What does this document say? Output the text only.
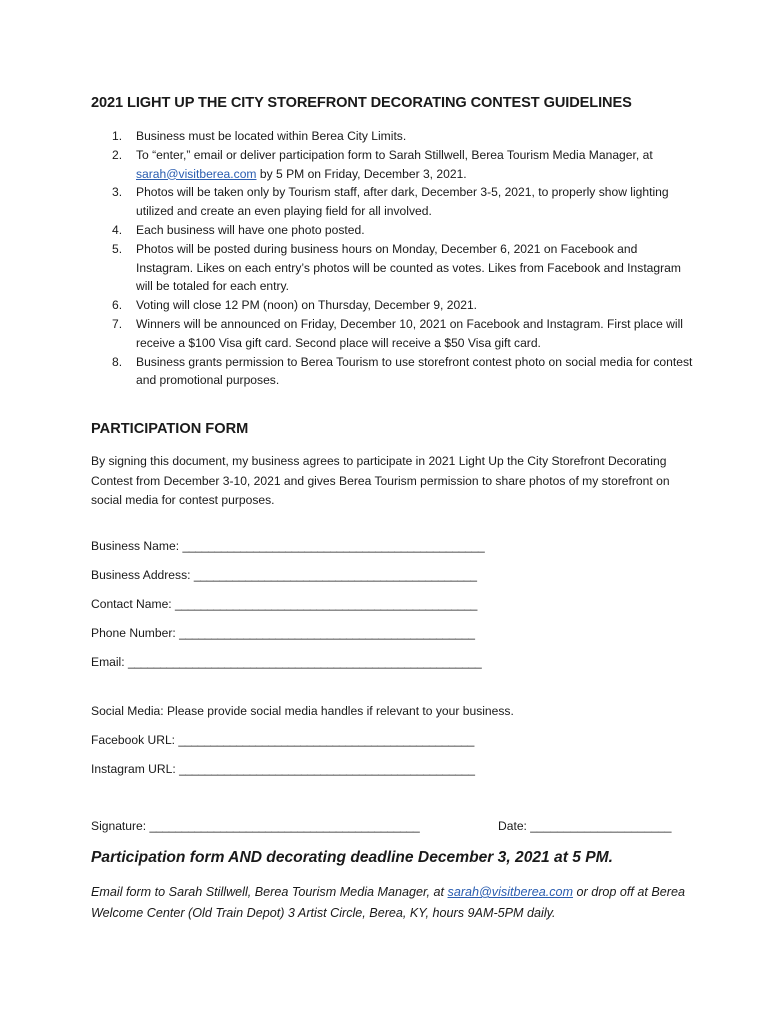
2021 LIGHT UP THE CITY STOREFRONT DECORATING CONTEST GUIDELINES
1. Business must be located within Berea City Limits.
2. To “enter,” email or deliver participation form to Sarah Stillwell, Berea Tourism Media Manager, at sarah@visitberea.com by 5 PM on Friday, December 3, 2021.
3. Photos will be taken only by Tourism staff, after dark, December 3-5, 2021, to properly show lighting utilized and create an even playing field for all involved.
4. Each business will have one photo posted.
5. Photos will be posted during business hours on Monday, December 6, 2021 on Facebook and Instagram. Likes on each entry’s photos will be counted as votes. Likes from Facebook and Instagram will be totaled for each entry.
6. Voting will close 12 PM (noon) on Thursday, December 9, 2021.
7. Winners will be announced on Friday, December 10, 2021 on Facebook and Instagram. First place will receive a $100 Visa gift card. Second place will receive a $50 Visa gift card.
8. Business grants permission to Berea Tourism to use storefront contest photo on social media for contest and promotional purposes.
PARTICIPATION FORM

By signing this document, my business agrees to participate in 2021 Light Up the City Storefront Decorating Contest from December 3-10, 2021 and gives Berea Tourism permission to share photos of my storefront on social media for contest purposes.

Business Name: _______________________________________________
Business Address: ____________________________________________
Contact Name: _______________________________________________
Phone Number: ______________________________________________
Email: _______________________________________________________
Social Media: Please provide social media handles if relevant to your business.
Facebook URL: ______________________________________________
Instagram URL: ______________________________________________
Signature: __________________________________________	Date: _____________________
Participation form AND decorating deadline December 3, 2021 at 5 PM.

Email form to Sarah Stillwell, Berea Tourism Media Manager, at sarah@visitberea.com or drop off at Berea Welcome Center (Old Train Depot) 3 Artist Circle, Berea, KY, hours 9AM-5PM daily.
